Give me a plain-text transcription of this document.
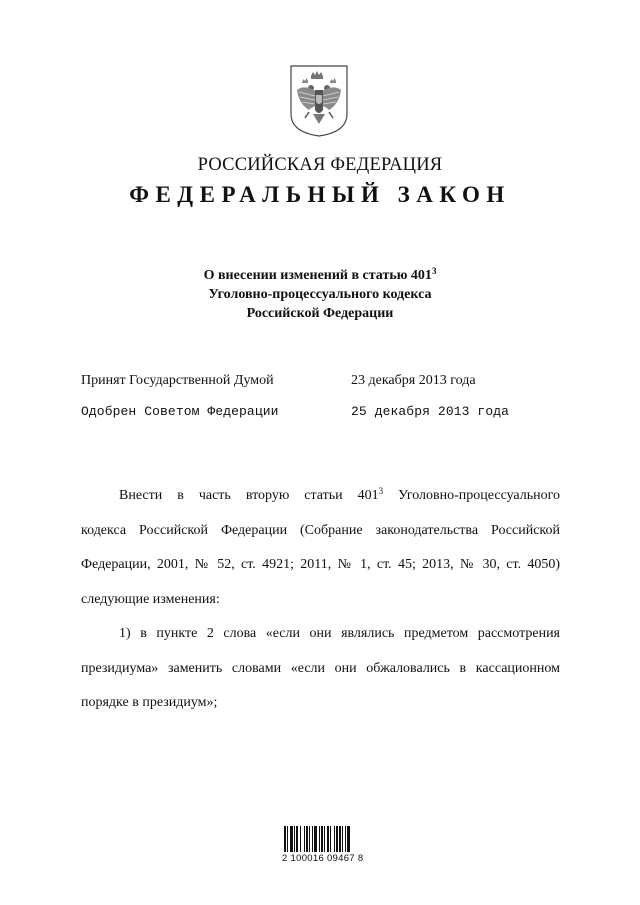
РОССИЙСКАЯ ФЕДЕРАЦИЯ
ФЕДЕРАЛЬНЫЙ ЗАКОН
О внесении изменений в статью $401^3$
Уголовно-процессуального кодекса
Российской Федерации
Принят Государственной Думой	23 декабря 2013 года
Одобрен Советом Федерации	25 декабря 2013 года

Внести в часть вторую статьи $401^3$ Уголовно-процессуального

кодекса Российской Федерации (Собрание законодательства Российской

Федерации, 2001, № 52, ст. 4921; 2011, № 1, ст. 45; 2013, № 30, ст. 4050)

следующие изменения:

1) в пункте 2 слова «если они являлись предметом рассмотрения

президиума» заменить словами «если они обжаловались в кассационном

порядке в президиум»;

2 100016 09467 8
